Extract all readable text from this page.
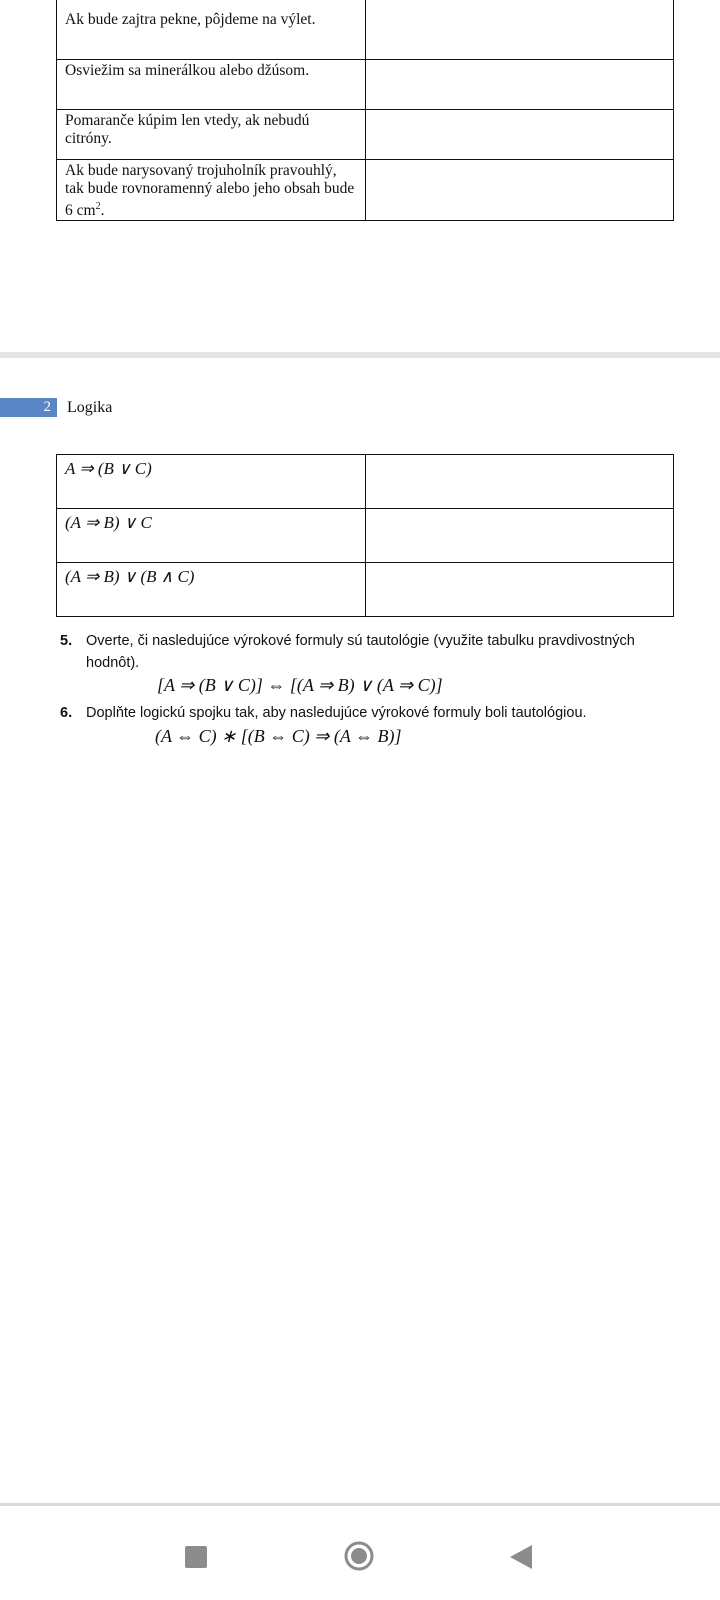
Ak bude zajtra pekne, pôjdeme na výlet.	
Osviežim sa minerálkou alebo džúsom.	
Pomaranče kúpim len vtedy, ak nebudú citróny.	
Ak bude narysovaný trojuholník pravouhlý, tak bude rovnoramenný alebo jeho obsah bude 6 $cm^2$.	
2	Logika
A ⇒ (B ∨ C)	
(A ⇒ B) ∨ C	
(A ⇒ B) ∨ (B ∧ C)	
5. Overte, či nasledujúce výrokové formuly sú tautológie (využite tabulku pravdivostných
hodnôt).
[A ⇒ (B ∨ C)] ⇔ [(A ⇒ B) ∨ (A ⇒ C)]
6. Doplňte logickú spojku tak, aby nasledujúce výrokové formuly boli tautológiou.
(A ⇔ C) ∗ [(B ⇔ C) ⇒ (A ⇔ B)]
